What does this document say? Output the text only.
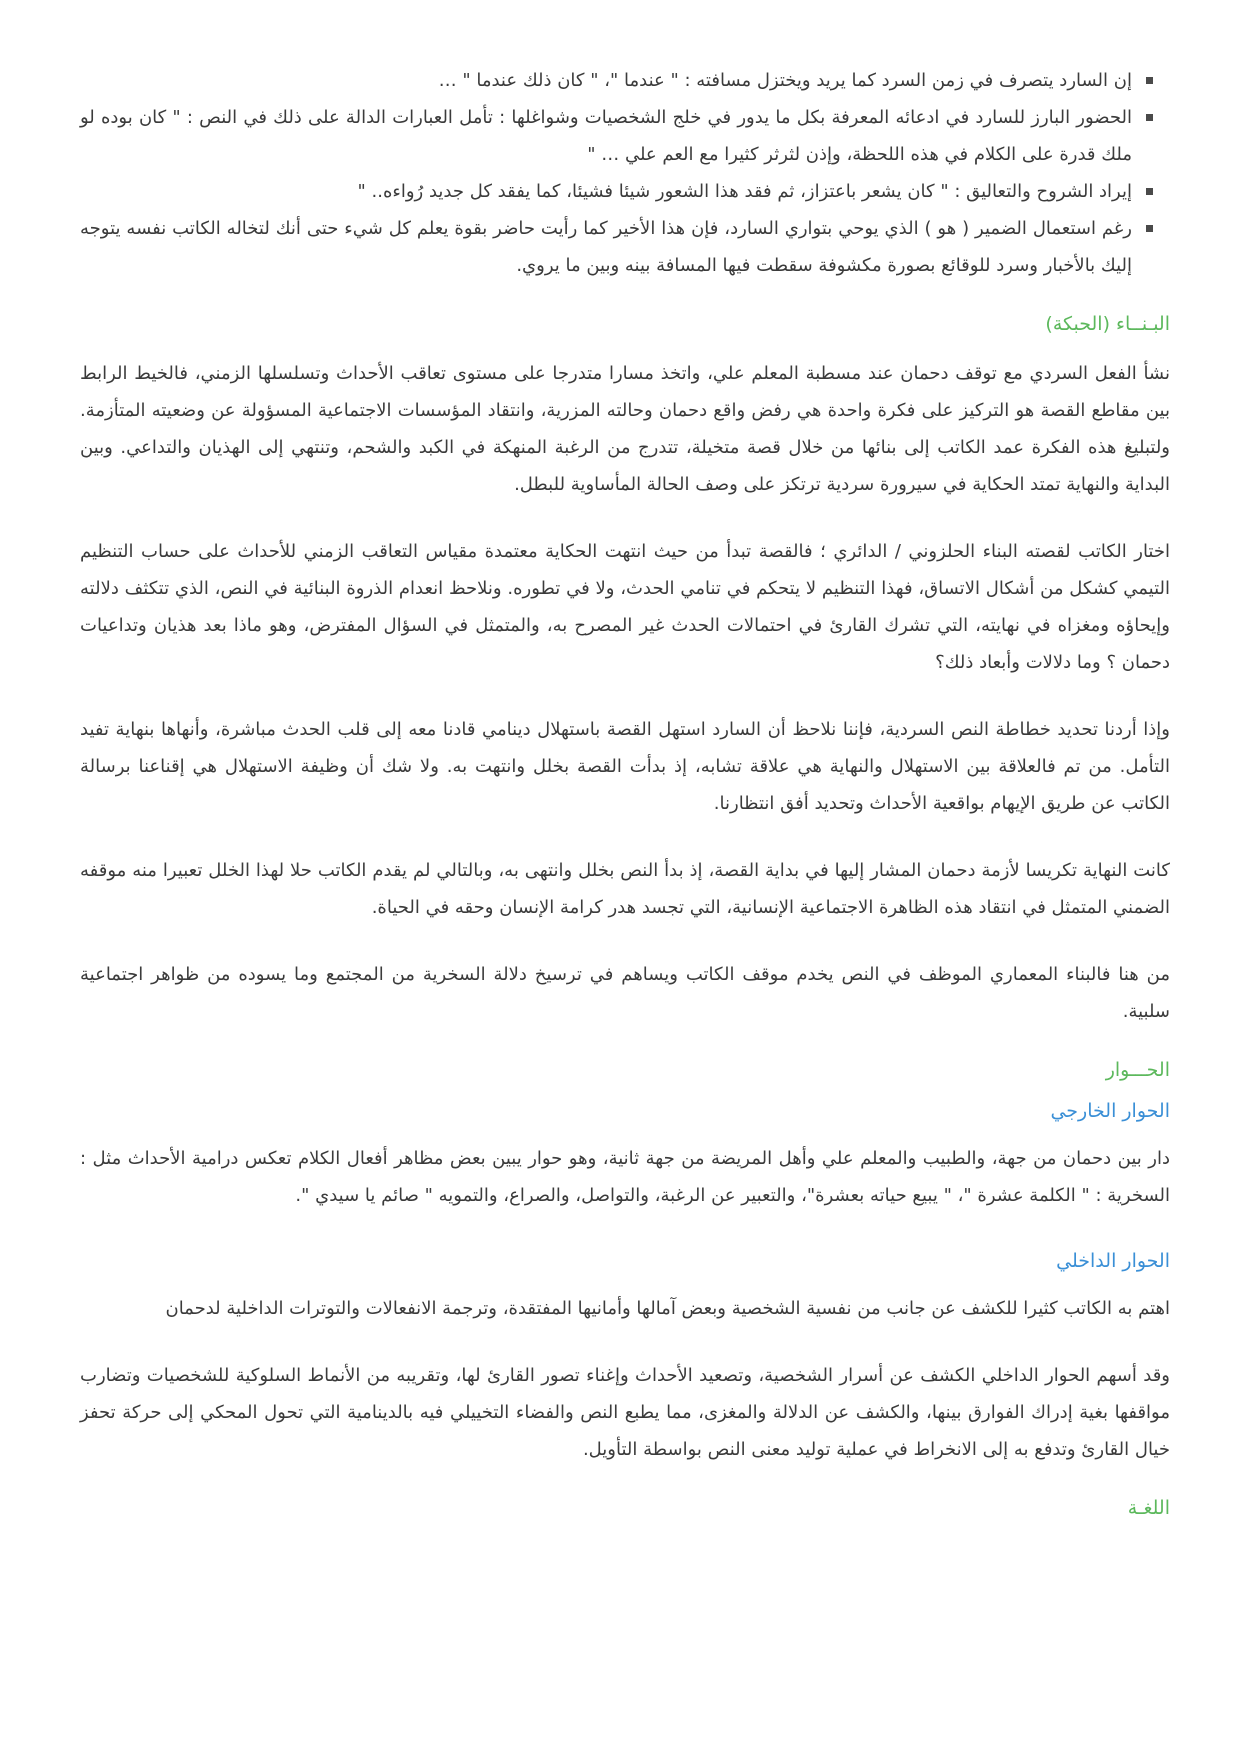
إن السارد يتصرف في زمن السرد كما يريد ويختزل مسافته : " عندما "، " كان ذلك عندما " …
الحضور البارز للسارد في ادعائه المعرفة بكل ما يدور في خلج الشخصيات وشواغلها : تأمل العبارات الدالة على ذلك في النص : " كان بوده لو ملك قدرة على الكلام في هذه اللحظة، وإذن لثرثر كثيرا مع العم علي … "
إيراد الشروح والتعاليق : " كان يشعر باعتزاز، ثم فقد هذا الشعور شيئا فشيئا، كما يفقد كل جديد رُواءه.. "
رغم استعمال الضمير ( هو ) الذي يوحي بتواري السارد، فإن هذا الأخير كما رأيت حاضر بقوة يعلم كل شيء حتى أنك لتخاله الكاتب نفسه يتوجه إليك بالأخبار وسرد للوقائع بصورة مكشوفة سقطت فيها المسافة بينه وبين ما يروي.
البـنــاء (الحبكة)

نشأ الفعل السردي مع توقف دحمان عند مسطبة المعلم علي، واتخذ مسارا متدرجا على مستوى تعاقب الأحداث وتسلسلها الزمني، فالخيط الرابط بين مقاطع القصة هو التركيز على فكرة واحدة هي رفض واقع دحمان وحالته المزرية، وانتقاد المؤسسات الاجتماعية المسؤولة عن وضعيته المتأزمة. ولتبليغ هذه الفكرة عمد الكاتب إلى بنائها من خلال قصة متخيلة، تتدرج من الرغبة المنهكة في الكبد والشحم، وتنتهي إلى الهذيان والتداعي. وبين البداية والنهاية تمتد الحكاية في سيرورة سردية ترتكز على وصف الحالة المأساوية للبطل.

اختار الكاتب لقصته البناء الحلزوني / الدائري ؛ فالقصة تبدأ من حيث انتهت الحكاية معتمدة مقياس التعاقب الزمني للأحداث على حساب التنظيم التيمي كشكل من أشكال الاتساق، فهذا التنظيم لا يتحكم في تنامي الحدث، ولا في تطوره. ونلاحظ انعدام الذروة البنائية في النص، الذي تتكثف دلالته وإيحاؤه ومغزاه في نهايته، التي تشرك القارئ في احتمالات الحدث غير المصرح به، والمتمثل في السؤال المفترض، وهو ماذا بعد هذيان وتداعيات دحمان ؟ وما دلالات وأبعاد ذلك؟

وإذا أردنا تحديد خطاطة النص السردية، فإننا نلاحظ أن السارد استهل القصة باستهلال دينامي قادنا معه إلى قلب الحدث مباشرة، وأنهاها بنهاية تفيد التأمل. من تم فالعلاقة بين الاستهلال والنهاية هي علاقة تشابه، إذ بدأت القصة بخلل وانتهت به. ولا شك أن وظيفة الاستهلال هي إقناعنا برسالة الكاتب عن طريق الإيهام بواقعية الأحداث وتحديد أفق انتظارنا.

كانت النهاية تكريسا لأزمة دحمان المشار إليها في بداية القصة، إذ بدأ النص بخلل وانتهى به، وبالتالي لم يقدم الكاتب حلا لهذا الخلل تعبيرا منه موقفه الضمني المتمثل في انتقاد هذه الظاهرة الاجتماعية الإنسانية، التي تجسد هدر كرامة الإنسان وحقه في الحياة.

من هنا فالبناء المعماري الموظف في النص يخدم موقف الكاتب ويساهم في ترسيخ دلالة السخرية من المجتمع وما يسوده من ظواهر اجتماعية سلبية.

الحـــوار
الحوار الخارجي

دار بين دحمان من جهة، والطبيب والمعلم علي وأهل المريضة من جهة ثانية، وهو حوار يبين بعض مظاهر أفعال الكلام تعكس درامية الأحداث مثل : السخرية : " الكلمة عشرة "، " يبيع حياته بعشرة"، والتعبير عن الرغبة، والتواصل، والصراع، والتمويه " صائم يا سيدي ".

الحوار الداخلي

اهتم به الكاتب كثيرا للكشف عن جانب من نفسية الشخصية وبعض آمالها وأمانيها المفتقدة، وترجمة الانفعالات والتوترات الداخلية لدحمان

وقد أسهم الحوار الداخلي الكشف عن أسرار الشخصية، وتصعيد الأحداث وإغناء تصور القارئ لها، وتقريبه من الأنماط السلوكية للشخصيات وتضارب مواقفها بغية إدراك الفوارق بينها، والكشف عن الدلالة والمغزى، مما يطبع النص والفضاء التخييلي فيه بالدينامية التي تحول المحكي إلى حركة تحفز خيال القارئ وتدفع به إلى الانخراط في عملية توليد معنى النص بواسطة التأويل.

اللغـة
